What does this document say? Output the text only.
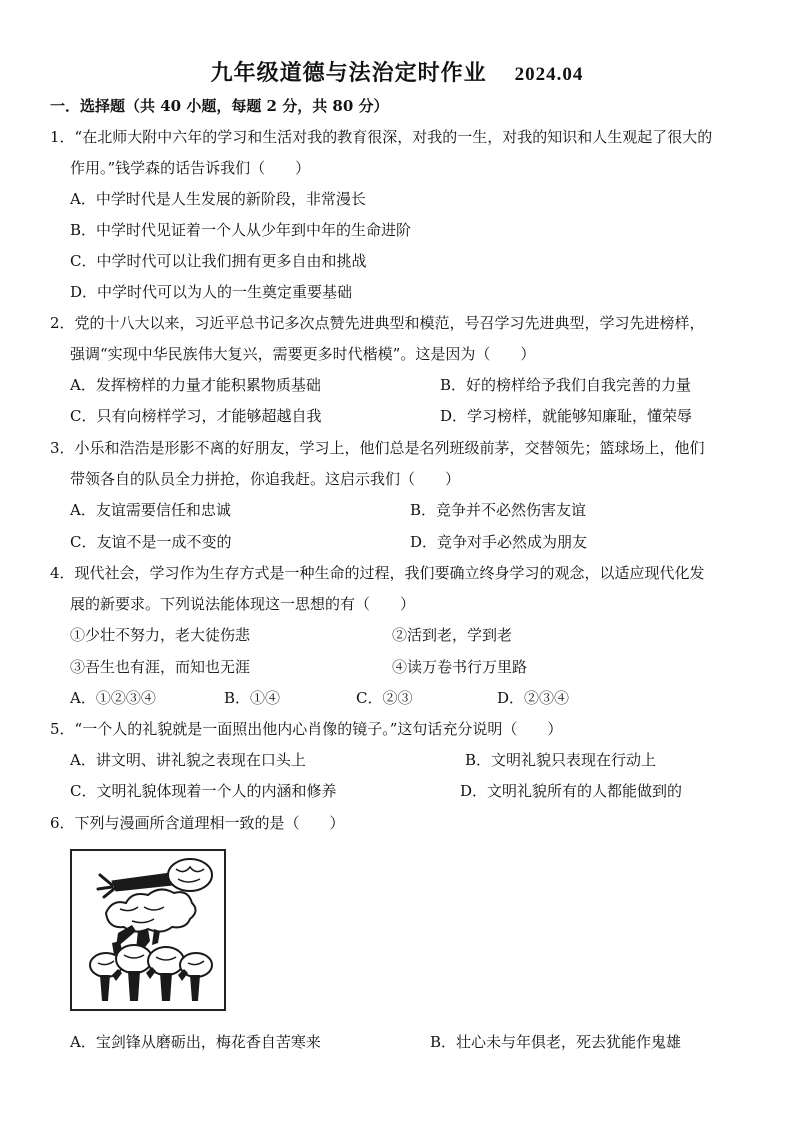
九年级道德与法治定时作业 2024.04
一．选择题（共 40 小题，每题 2 分，共 80 分）
1．“在北师大附中六年的学习和生活对我的教育很深，对我的一生，对我的知识和人生观起了很大的
作用。”钱学森的话告诉我们（　　）
A．中学时代是人生发展的新阶段，非常漫长
B．中学时代见证着一个人从少年到中年的生命进阶
C．中学时代可以让我们拥有更多自由和挑战
D．中学时代可以为人的一生奠定重要基础
2．党的十八大以来，习近平总书记多次点赞先进典型和模范，号召学习先进典型，学习先进榜样，
强调“实现中华民族伟大复兴，需要更多时代楷模”。这是因为（　　）
A．发挥榜样的力量才能积累物质基础	B．好的榜样给予我们自我完善的力量
C．只有向榜样学习，才能够超越自我	D．学习榜样，就能够知廉耻，懂荣辱
3．小乐和浩浩是形影不离的好朋友，学习上，他们总是名列班级前茅，交替领先；篮球场上，他们
带领各自的队员全力拼抢，你追我赶。这启示我们（　　）
A．友谊需要信任和忠诚	B．竞争并不必然伤害友谊
C．友谊不是一成不变的	D．竞争对手必然成为朋友
4．现代社会，学习作为生存方式是一种生命的过程，我们要确立终身学习的观念，以适应现代化发
展的新要求。下列说法能体现这一思想的有（　　）
①少壮不努力，老大徒伤悲	②活到老，学到老
③吾生也有涯，而知也无涯	④读万卷书行万里路
A．①②③④	B．①④	C．②③	D．②③④
5．“一个人的礼貌就是一面照出他内心肖像的镜子。”这句话充分说明（　　）
A．讲文明、讲礼貌之表现在口头上	B．文明礼貌只表现在行动上
C．文明礼貌体现着一个人的内涵和修养	D．文明礼貌所有的人都能做到的
6．下列与漫画所含道理相一致的是（　　）
A．宝剑锋从磨砺出，梅花香自苦寒来	B．壮心未与年俱老，死去犹能作鬼雄
